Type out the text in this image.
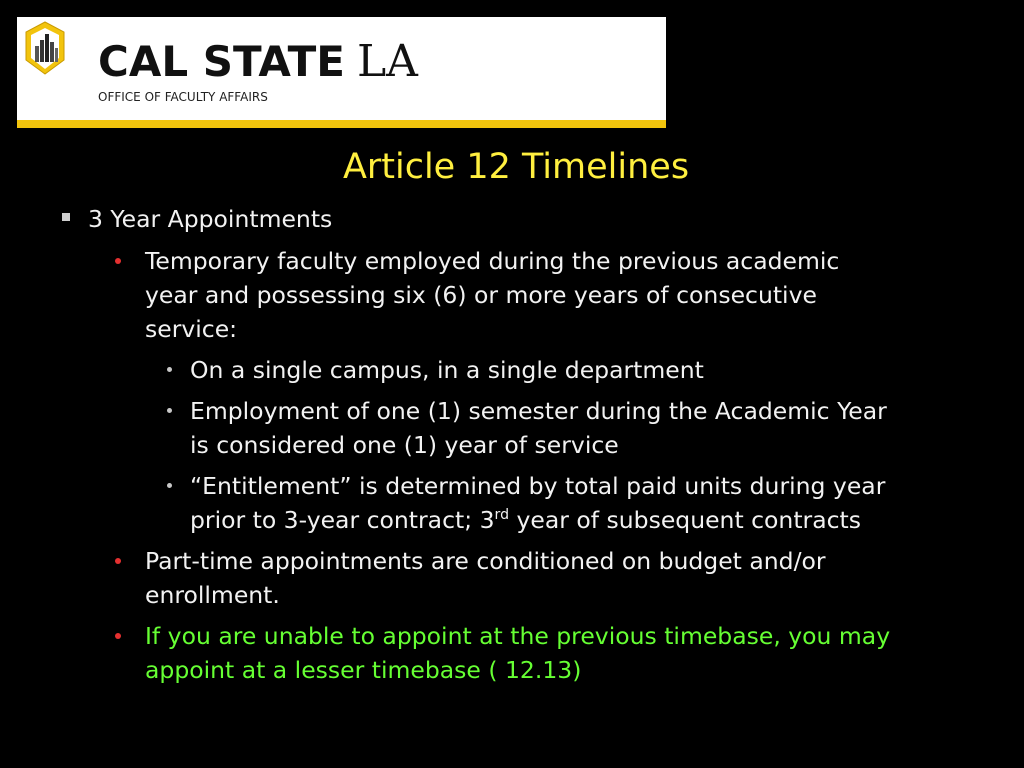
CAL STATE LA
OFFICE OF FACULTY AFFAIRS
Article 12 Timelines
3 Year Appointments
Temporary faculty employed during the previous academic
year and possessing six (6) or more years of consecutive
service:
On a single campus, in a single department
Employment of one (1) semester during the Academic Year
is considered one (1) year of service
“Entitlement” is determined by total paid units during year
prior to 3-year contract; 3rd year of subsequent contracts
Part-time appointments are conditioned on budget and/or
enrollment.
If you are unable to appoint at the previous timebase, you may
appoint at a lesser timebase ( 12.13)
